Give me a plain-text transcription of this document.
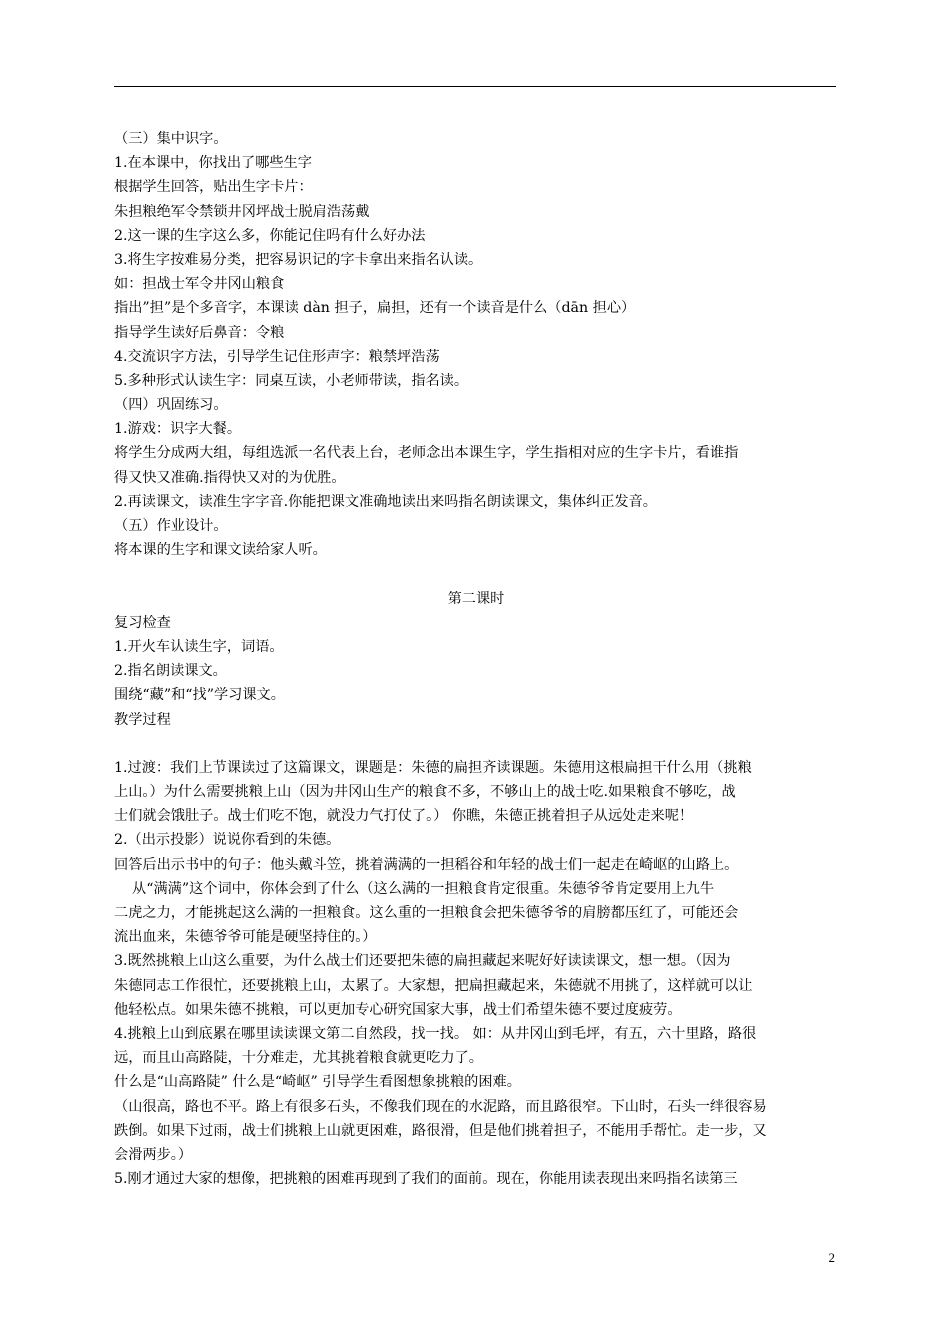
（三）集中识字。
1.在本课中，你找出了哪些生字
根据学生回答，贴出生字卡片：
朱担粮绝军令禁锁井冈坪战士脱肩浩荡戴
2.这一课的生字这么多，你能记住吗有什么好办法
3.将生字按难易分类，把容易识记的字卡拿出来指名认读。
如：担战士军令井冈山粮食
指出”担”是个多音字，本课读 dàn 担子，扁担，还有一个读音是什么（dān 担心）
指导学生读好后鼻音：令粮
4.交流识字方法，引导学生记住形声字：粮禁坪浩荡
5.多种形式认读生字：同桌互读，小老师带读，指名读。
（四）巩固练习。
1.游戏：识字大餐。
将学生分成两大组，每组选派一名代表上台，老师念出本课生字，学生指相对应的生字卡片，看谁指
得又快又准确.指得快又对的为优胜。
2.再读课文，读准生字字音.你能把课文准确地读出来吗指名朗读课文，集体纠正发音。
（五）作业设计。
将本课的生字和课文读给家人听。
第二课时
复习检查
1.开火车认读生字，词语。
2.指名朗读课文。
围绕“藏”和“找”学习课文。
教学过程
1.过渡：我们上节课读过了这篇课文，课题是：朱德的扁担齐读课题。朱德用这根扁担干什么用（挑粮
上山。）为什么需要挑粮上山（因为井冈山生产的粮食不多，不够山上的战士吃.如果粮食不够吃，战
士们就会饿肚子。战士们吃不饱，就没力气打仗了。） 你瞧，朱德正挑着担子从远处走来呢！
2.（出示投影）说说你看到的朱德。
回答后出示书中的句子：他头戴斗笠，挑着满满的一担稻谷和年轻的战士们一起走在崎岖的山路上。
从“满满”这个词中，你体会到了什么（这么满的一担粮食肯定很重。朱德爷爷肯定要用上九牛
二虎之力，才能挑起这么满的一担粮食。这么重的一担粮食会把朱德爷爷的肩膀都压红了，可能还会
流出血来，朱德爷爷可能是硬坚持住的。）
3.既然挑粮上山这么重要，为什么战士们还要把朱德的扁担藏起来呢好好读读课文，想一想。（因为
朱德同志工作很忙，还要挑粮上山，太累了。大家想，把扁担藏起来，朱德就不用挑了，这样就可以让
他轻松点。如果朱德不挑粮，可以更加专心研究国家大事，战士们希望朱德不要过度疲劳。
4.挑粮上山到底累在哪里读读课文第二自然段，找一找。 如：从井冈山到毛坪，有五，六十里路，路很
远，而且山高路陡，十分难走，尤其挑着粮食就更吃力了。
什么是“山高路陡” 什么是“崎岖” 引导学生看图想象挑粮的困难。
（山很高，路也不平。路上有很多石头，不像我们现在的水泥路，而且路很窄。下山时，石头一绊很容易
跌倒。如果下过雨，战士们挑粮上山就更困难，路很滑，但是他们挑着担子，不能用手帮忙。走一步，又
会滑两步。）
5.刚才通过大家的想像，把挑粮的困难再现到了我们的面前。现在，你能用读表现出来吗指名读第三
2
